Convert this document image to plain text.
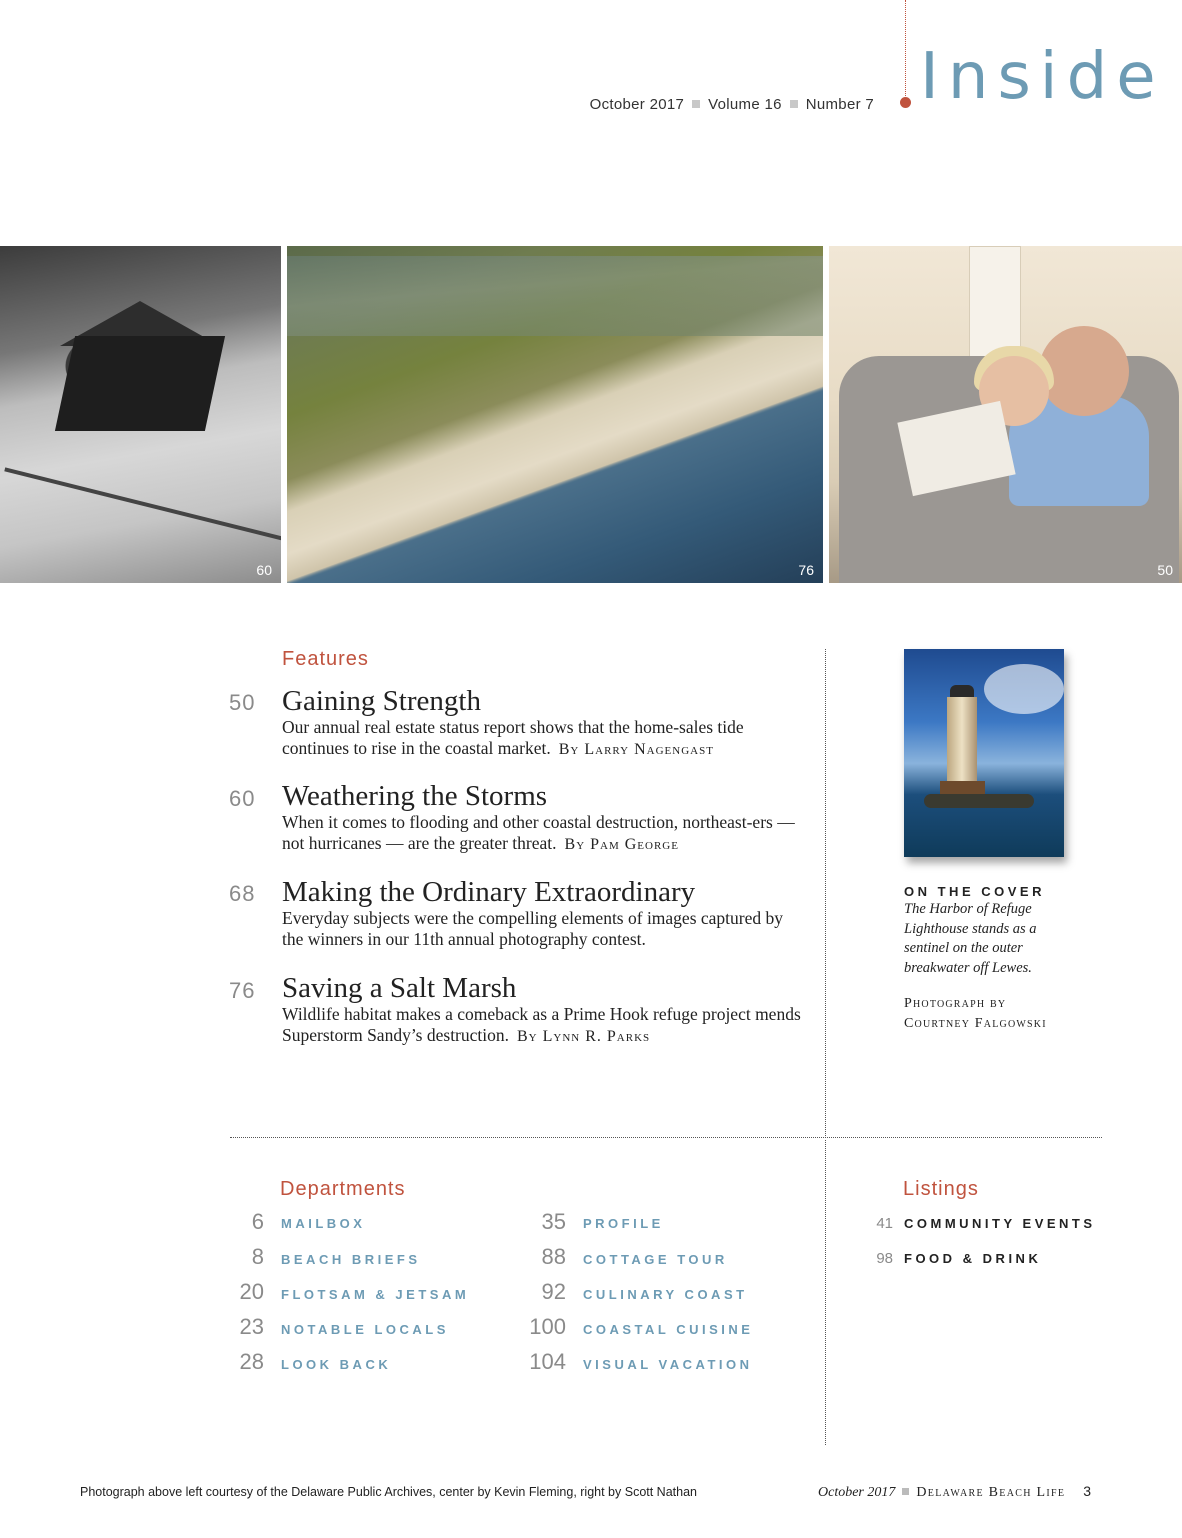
October 2017 Volume 16 Number 7 Inside
60	76	50
Features
50 Gaining Strength
Our annual real estate status report shows that the home-sales tide continues to rise in the coastal market. By Larry Nagengast
60 Weathering the Storms
When it comes to flooding and other coastal destruction, northeast-ers — not hurricanes — are the greater threat. By Pam George
68 Making the Ordinary Extraordinary
Everyday subjects were the compelling elements of images captured by the winners in our 11th annual photography contest.
76 Saving a Salt Marsh
Wildlife habitat makes a comeback as a Prime Hook refuge project mends Superstorm Sandy’s destruction. By Lynn R. Parks
ON THE COVER
The Harbor of Refuge Lighthouse stands as a sentinel on the outer breakwater off Lewes.
Photograph by
Courtney Falgowski
Departments
6 MAILBOX
8 BEACH BRIEFS
20 FLOTSAM & JETSAM
23 NOTABLE LOCALS
28 LOOK BACK
35 PROFILE
88 COTTAGE TOUR
92 CULINARY COAST
100 COASTAL CUISINE
104 VISUAL VACATION
Listings
41 COMMUNITY EVENTS
98 FOOD & DRINK
Photograph above left courtesy of the Delaware Public Archives, center by Kevin Fleming, right by Scott Nathan	October 2017 Delaware Beach Life 3
